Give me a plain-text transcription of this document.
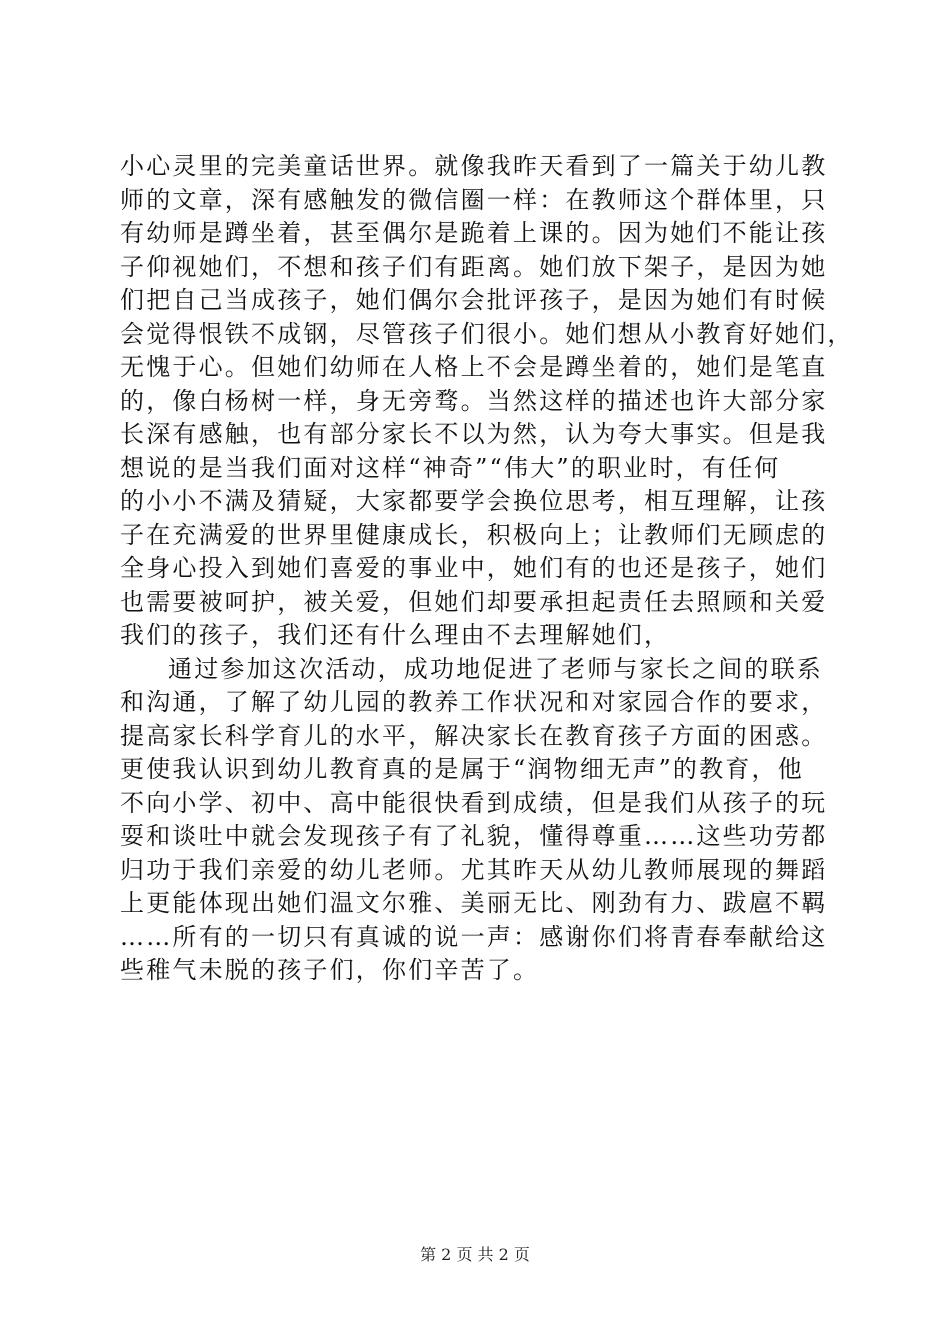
小心灵里的完美童话世界。就像我昨天看到了一篇关于幼儿教
师的文章，深有感触发的微信圈一样：在教师这个群体里，只
有幼师是蹲坐着，甚至偶尔是跪着上课的。因为她们不能让孩
子仰视她们，不想和孩子们有距离。她们放下架子，是因为她
们把自己当成孩子，她们偶尔会批评孩子，是因为她们有时候
会觉得恨铁不成钢，尽管孩子们很小。她们想从小教育好她们，
无愧于心。但她们幼师在人格上不会是蹲坐着的，她们是笔直
的，像白杨树一样，身无旁骛。当然这样的描述也许大部分家
长深有感触，也有部分家长不以为然，认为夸大事实。但是我
想说的是当我们面对这样“神奇”“伟大”的职业时，有任何
的小小不满及猜疑，大家都要学会换位思考，相互理解，让孩
子在充满爱的世界里健康成长，积极向上；让教师们无顾虑的
全身心投入到她们喜爱的事业中，她们有的也还是孩子，她们
也需要被呵护，被关爱，但她们却要承担起责任去照顾和关爱
我们的孩子，我们还有什么理由不去理解她们，
通过参加这次活动，成功地促进了老师与家长之间的联系
和沟通，了解了幼儿园的教养工作状况和对家园合作的要求，
提高家长科学育儿的水平，解决家长在教育孩子方面的困惑。
更使我认识到幼儿教育真的是属于“润物细无声”的教育，他
不向小学、初中、高中能很快看到成绩，但是我们从孩子的玩
耍和谈吐中就会发现孩子有了礼貌，懂得尊重……这些功劳都
归功于我们亲爱的幼儿老师。尤其昨天从幼儿教师展现的舞蹈
上更能体现出她们温文尔雅、美丽无比、刚劲有力、跋扈不羁
……所有的一切只有真诚的说一声：感谢你们将青春奉献给这
些稚气未脱的孩子们，你们辛苦了。
第 2 页 共 2 页
